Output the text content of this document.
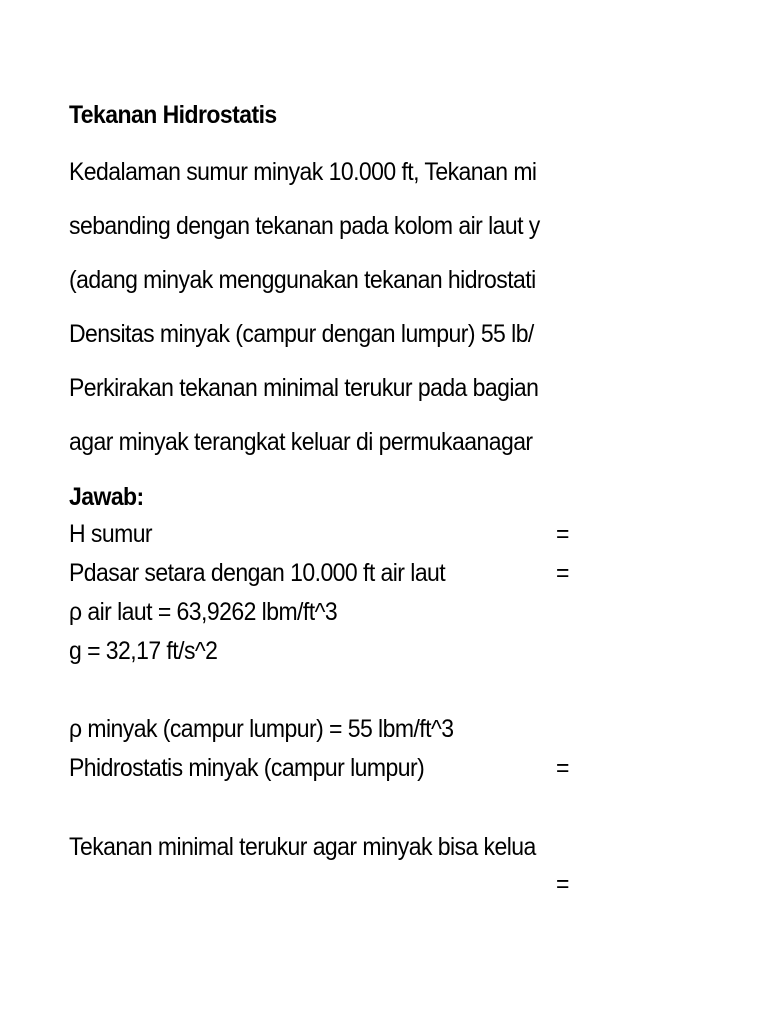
Tekanan Hidrostatis
Kedalaman sumur minyak 10.000 ft, Tekanan mi
sebanding dengan tekanan pada kolom air laut y
(adang minyak menggunakan tekanan hidrostati
Densitas minyak (campur dengan lumpur) 55 lb/
Perkirakan tekanan minimal terukur pada bagian
agar minyak terangkat keluar di permukaanagar
Jawab:
H sumur	=
Pdasar setara dengan 10.000 ft air laut	=
ρ air laut = 63,9262 lbm/ft^3
g = 32,17 ft/s^2
ρ minyak (campur lumpur) = 55 lbm/ft^3
Phidrostatis minyak (campur lumpur)	=
Tekanan minimal terukur agar minyak bisa kelua
=
